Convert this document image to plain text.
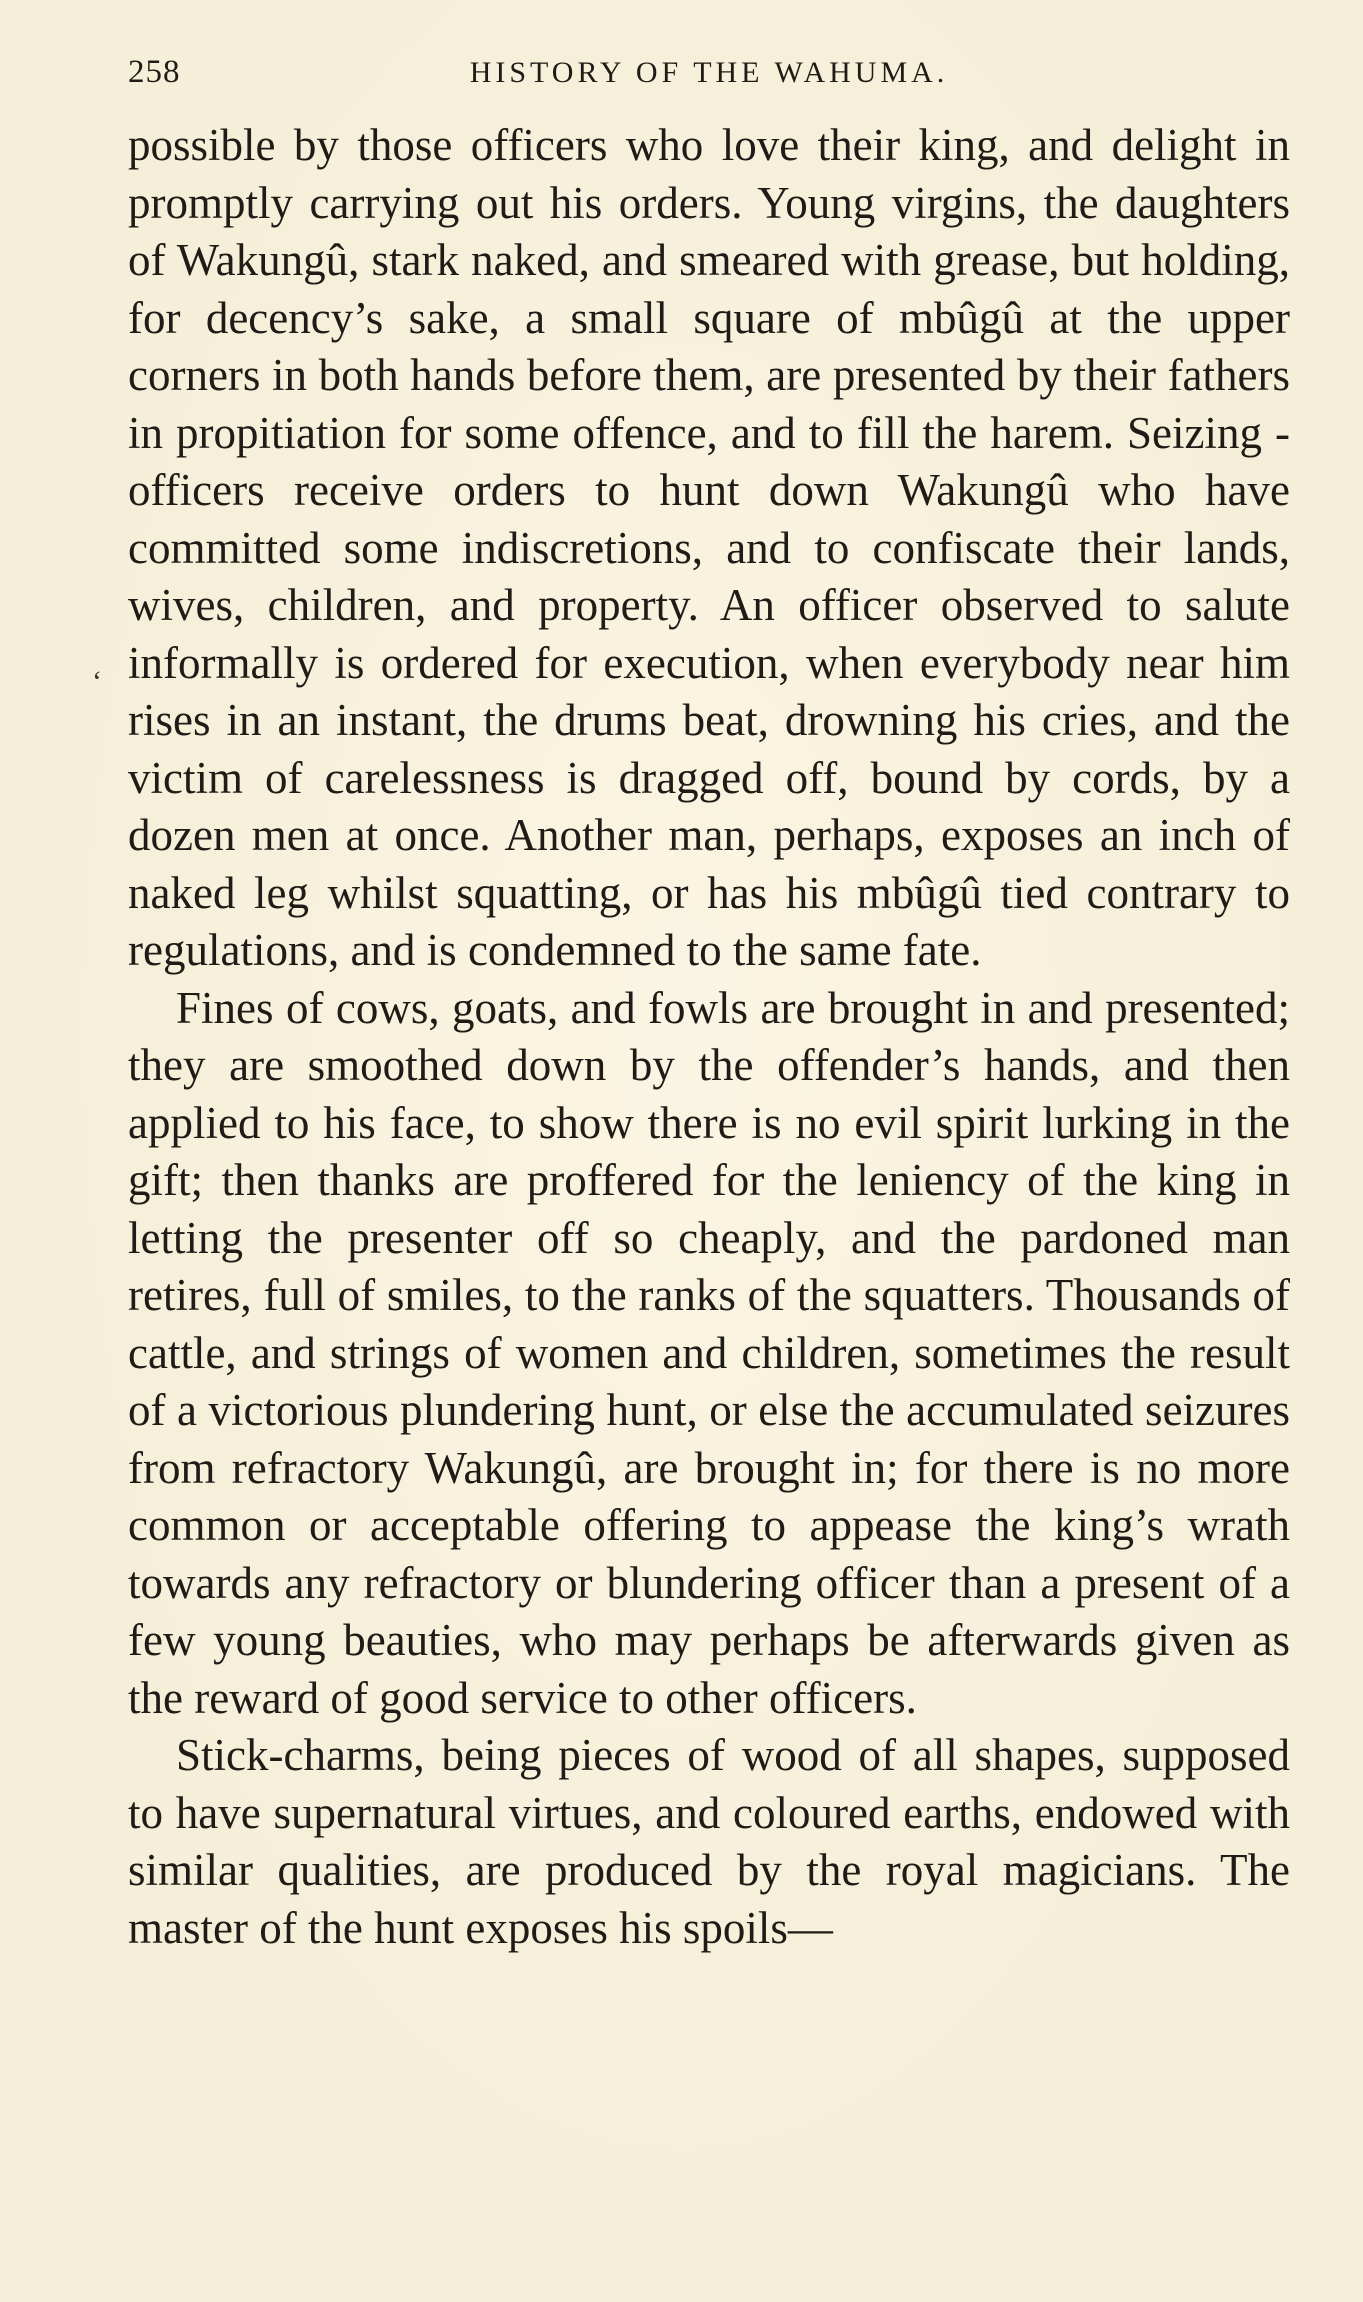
258	HISTORY OF THE WAHUMA.
‘

possible by those officers who love their king, and delight in promptly carrying out his orders. Young virgins, the daughters of Wakungû, stark naked, and smeared with grease, but holding, for decency’s sake, a small square of mbûgû at the upper corners in both hands before them, are presented by their fathers in propitiation for some offence, and to fill the harem. Seizing - officers receive orders to hunt down Wakungû who have committed some indiscretions, and to confiscate their lands, wives, children, and property. An officer observed to salute informally is ordered for execution, when everybody near him rises in an instant, the drums beat, drowning his cries, and the victim of carelessness is dragged off, bound by cords, by a dozen men at once. Another man, perhaps, exposes an inch of naked leg whilst squatting, or has his mbûgû tied contrary to regulations, and is condemned to the same fate.

Fines of cows, goats, and fowls are brought in and presented; they are smoothed down by the offender’s hands, and then applied to his face, to show there is no evil spirit lurking in the gift; then thanks are proffered for the leniency of the king in letting the presenter off so cheaply, and the pardoned man retires, full of smiles, to the ranks of the squatters. Thousands of cattle, and strings of women and children, sometimes the result of a victorious plundering hunt, or else the accumulated seizures from refractory Wakungû, are brought in; for there is no more common or acceptable offering to appease the king’s wrath towards any refractory or blundering officer than a present of a few young beauties, who may perhaps be afterwards given as the reward of good service to other officers.

Stick-charms, being pieces of wood of all shapes, supposed to have supernatural virtues, and coloured earths, endowed with similar qualities, are produced by the royal magicians. The master of the hunt exposes his spoils—
